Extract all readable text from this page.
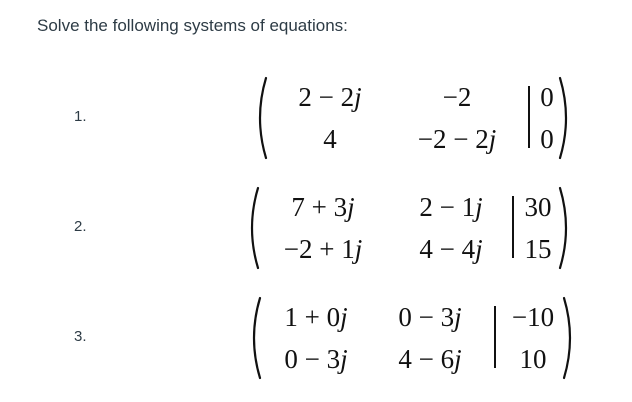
Solve the following systems of equations:
1.
2 − 2j	−2	0
4	−2 − 2j	0
2.
7 + 3j	2 − 1j	30
−2 + 1j	4 − 4j	15
3.
1 + 0j	0 − 3j	−10
0 − 3j	4 − 6j	10
